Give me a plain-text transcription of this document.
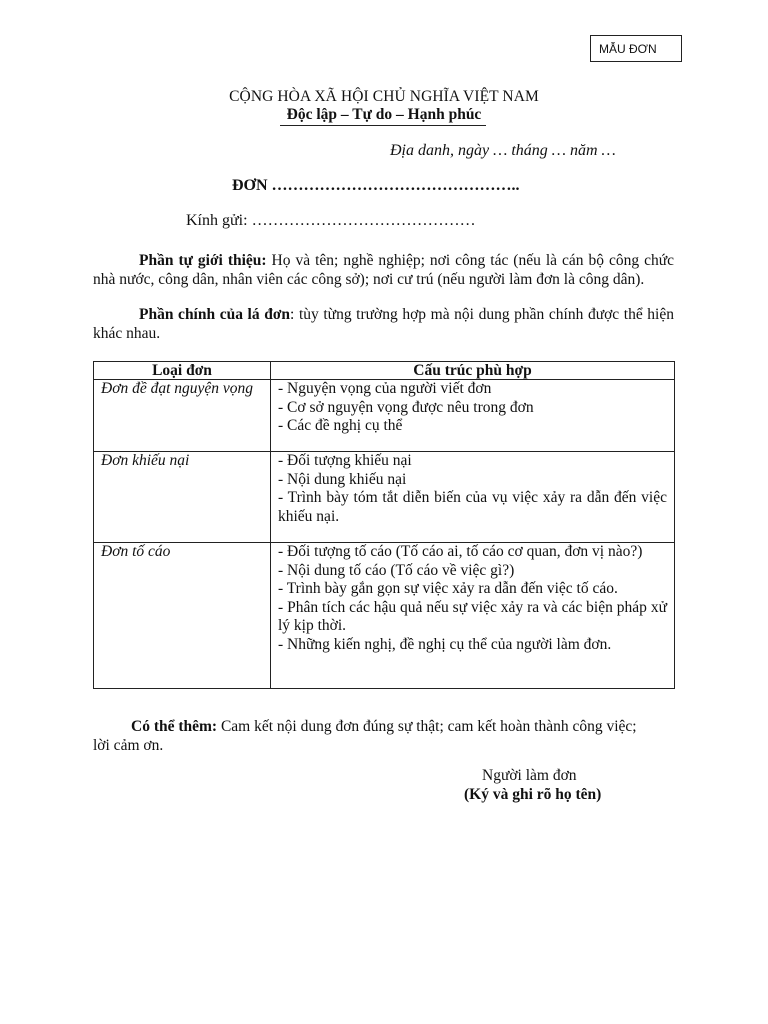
MẪU ĐƠN
CỘNG HÒA XÃ HỘI CHỦ NGHĨA VIỆT NAM
Độc lập – Tự do – Hạnh phúc
Địa danh, ngày … tháng … năm …
ĐƠN ………………………………………..
Kính gửi: ……………………………………
Phần tự giới thiệu: Họ và tên; nghề nghiệp; nơi công tác (nếu là cán bộ công chức nhà nước, công dân, nhân viên các công sở); nơi cư trú (nếu người làm đơn là công dân).
Phần chính của lá đơn: tùy từng trường hợp mà nội dung phần chính được thể hiện khác nhau.
Loại đơn	Cấu trúc phù hợp
Đơn đề đạt nguyện vọng	- Nguyện vọng của người viết đơn
- Cơ sở nguyện vọng được nêu trong đơn
- Các đề nghị cụ thể

Đơn khiếu nại	- Đối tượng khiếu nại
- Nội dung khiếu nại
- Trình bày tóm tắt diễn biến của vụ việc xảy ra dẫn đến việc khiếu nại.

Đơn tố cáo	- Đối tượng tố cáo (Tố cáo ai, tố cáo cơ quan, đơn vị nào?)
- Nội dung tố cáo (Tố cáo về việc gì?)
- Trình bày gắn gọn sự việc xảy ra dẫn đến việc tố cáo.
- Phân tích các hậu quả nếu sự việc xảy ra và các biện pháp xử lý kịp thời.
- Những kiến nghị, đề nghị cụ thể của người làm đơn.
Có thể thêm: Cam kết nội dung đơn đúng sự thật; cam kết hoàn thành công việc; lời cảm ơn.
Người làm đơn
(Ký và ghi rõ họ tên)
